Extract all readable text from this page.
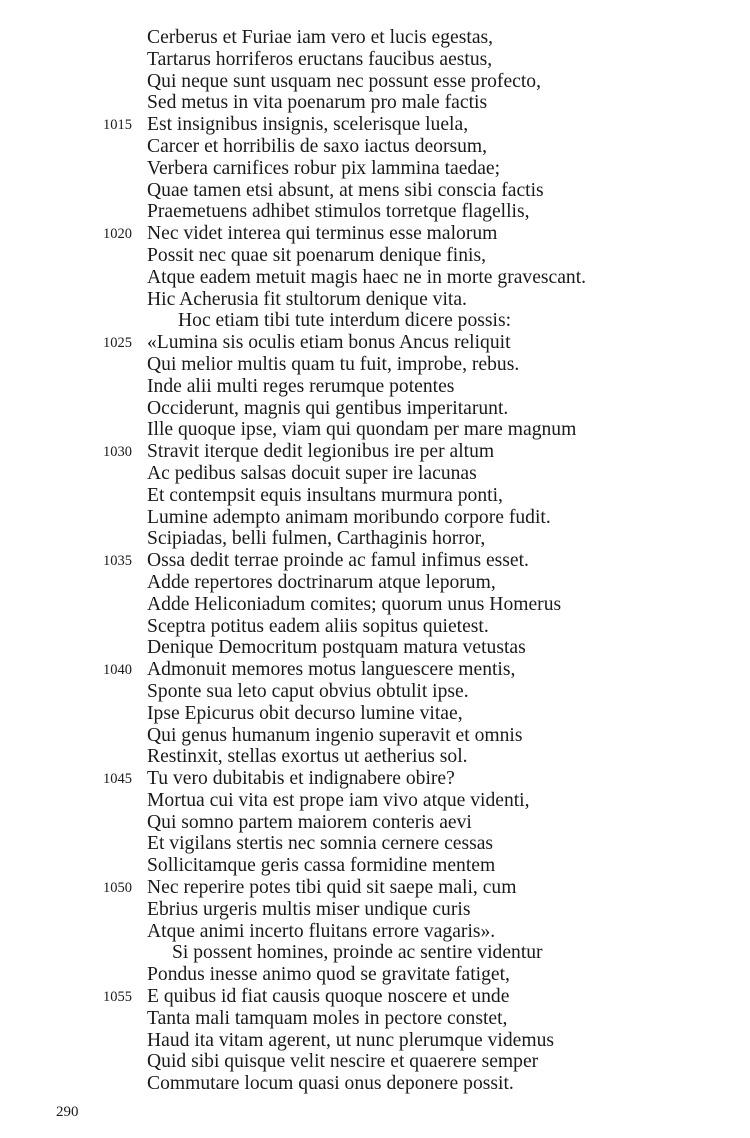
Cerberus et Furiae iam vero et lucis egestas,
Tartarus horriferos eructans faucibus aestus,
Qui neque sunt usquam nec possunt esse profecto,
Sed metus in vita poenarum pro male factis
1015 Est insignibus insignis, scelerisque luela,
Carcer et horribilis de saxo iactus deorsum,
Verbera carnifices robur pix lammina taedae;
Quae tamen etsi absunt, at mens sibi conscia factis
Praemetuens adhibet stimulos torretque flagellis,
1020 Nec videt interea qui terminus esse malorum
Possit nec quae sit poenarum denique finis,
Atque eadem metuit magis haec ne in morte gravescant.
Hic Acherusia fit stultorum denique vita.
Hoc etiam tibi tute interdum dicere possis:
1025 «Lumina sis oculis etiam bonus Ancus reliquit
Qui melior multis quam tu fuit, improbe, rebus.
Inde alii multi reges rerumque potentes
Occiderunt, magnis qui gentibus imperitarunt.
Ille quoque ipse, viam qui quondam per mare magnum
1030 Stravit iterque dedit legionibus ire per altum
Ac pedibus salsas docuit super ire lacunas
Et contempsit equis insultans murmura ponti,
Lumine adempto animam moribundo corpore fudit.
Scipiadas, belli fulmen, Carthaginis horror,
1035 Ossa dedit terrae proinde ac famul infimus esset.
Adde repertores doctrinarum atque leporum,
Adde Heliconiadum comites; quorum unus Homerus
Sceptra potitus eadem aliis sopitus quietest.
Denique Democritum postquam matura vetustas
1040 Admonuit memores motus languescere mentis,
Sponte sua leto caput obvius obtulit ipse.
Ipse Epicurus obit decurso lumine vitae,
Qui genus humanum ingenio superavit et omnis
Restinxit, stellas exortus ut aetherius sol.
1045 Tu vero dubitabis et indignabere obire?
Mortua cui vita est prope iam vivo atque videnti,
Qui somno partem maiorem conteris aevi
Et vigilans stertis nec somnia cernere cessas
Sollicitamque geris cassa formidine mentem
1050 Nec reperire potes tibi quid sit saepe mali, cum
Ebrius urgeris multis miser undique curis
Atque animi incerto fluitans errore vagaris».
Si possent homines, proinde ac sentire videntur
Pondus inesse animo quod se gravitate fatiget,
1055 E quibus id fiat causis quoque noscere et unde
Tanta mali tamquam moles in pectore constet,
Haud ita vitam agerent, ut nunc plerumque videmus
Quid sibi quisque velit nescire et quaerere semper
Commutare locum quasi onus deponere possit.
290
